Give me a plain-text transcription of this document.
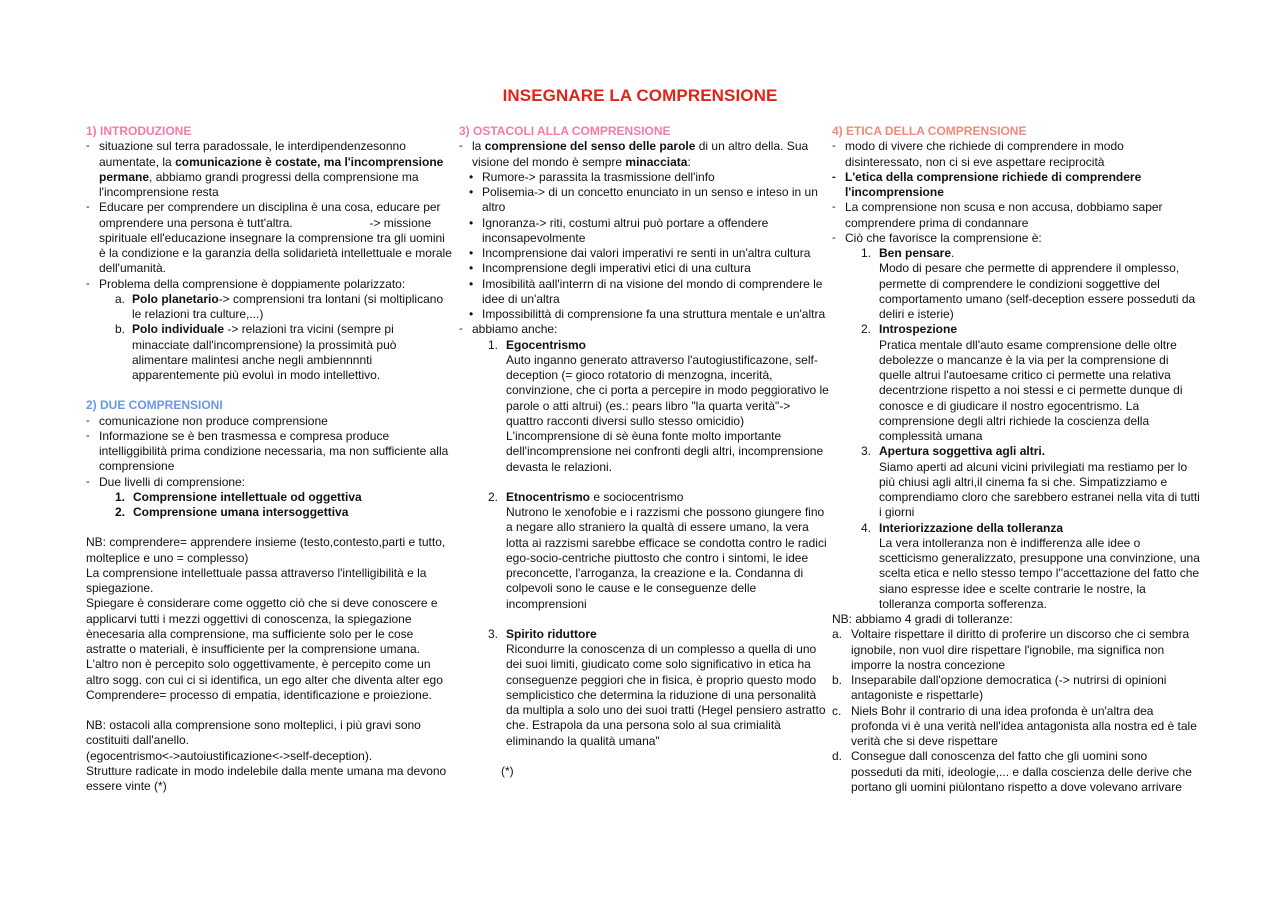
INSEGNARE LA COMPRENSIONE
1) INTRODUZIONE
- situazione sul terra paradossale, le interdipendenzesonno aumentate, la comunicazione è costate, ma l'incomprensione permane, abbiamo grandi progressi della comprensione ma l'incomprensione resta
- Educare per comprendere un disciplina è una cosa, educare per omprendere una persona è tutt'altra.                       -> missione spirituale ell'educazione insegnare la comprensione tra gli uomini è la condizione e la garanzia della solidarietà intellettuale e morale dell'umanità.
- Problema della comprensione è doppiamente polarizzato:
a. Polo planetario-> comprensioni tra lontani (si moltiplicano le relazioni tra culture,...)
b. Polo individuale -> relazioni tra vicini (sempre pi minacciate dall'incomprensione) la prossimità può alimentare malintesi anche negli ambiennnnti apparentemente più evoluì in modo intellettivo.
2) DUE COMPRENSIONI
- comunicazione non produce comprensione
- Informazione se è ben trasmessa e compresa produce intelliggibilità prima condizione necessaria, ma non sufficiente alla comprensione
- Due livelli di comprensione:
1. Comprensione intellettuale od oggettiva
2. Comprensione umana intersoggettiva
NB: comprendere= apprendere insieme (testo,contesto,parti e tutto, molteplice e uno = complesso)
La comprensione intellettuale passa attraverso l'intelligibilità e la spiegazione.
Spiegare è considerare come oggetto ciò che si deve conoscere e applicarvi tutti i mezzi oggettivi di conoscenza, la spiegazione ènecesaria alla comprensione, ma sufficiente solo per le cose astratte o materiali, è insufficiente per la comprensione umana.
L'altro non è percepito solo oggettivamente, è percepito come un altro sogg. con cui ci si identifica, un ego alter che diventa alter ego
Comprendere= processo di empatia, identificazione e proiezione.
NB: ostacoli alla comprensione sono molteplici, i più gravi sono costituiti dall'anello.
(egocentrismo<->autoiustificazione<->self-deception).
Strutture radicate in modo indelebile dalla mente umana ma devono essere vinte (*)
3) OSTACOLI ALLA COMPRENSIONE
- la comprensione del senso delle parole di un altro della. Sua visione del mondo è sempre minacciata:
• Rumore-> parassita la trasmissione dell'info
• Polisemia-> di un concetto enunciato in un senso e inteso in un altro
• Ignoranza-> riti, costumi altrui può portare a offendere inconsapevolmente
• Incomprensione dai valori imperativi re senti in un'altra cultura
• Incomprensione degli imperativi etici di una cultura
• Imosibilità aall'interrn di na visione del mondo di comprendere le idee di un'altra
• Impossibilittà di comprensione fa una struttura mentale e un'altra
- abbiamo anche:
1. Egocentrismo
Auto inganno generato attraverso l'autogiustificazone, self-deception (= gioco rotatorio di menzogna, incerità, convinzione, che ci porta a percepire in modo peggiorativo le parole o atti altrui) (es.: pears libro "la quarta verità"-> quattro racconti diversi sullo stesso omicidio)
L'incomprensione di sè èuna fonte molto importante dell'incomprensione nei confronti degli altri, incomprensione devasta le relazioni.
2. Etnocentrismo e sociocentrismo
Nutrono le xenofobie e i razzismi che possono giungere fino a negare allo straniero la qualtà di essere umano, la vera lotta ai razzismi sarebbe efficace se condotta contro le radici ego-socio-centriche piuttosto che contro i sintomi, le idee preconcette, l'arroganza, la creazione e la. Condanna di colpevoli sono le cause e le conseguenze delle incomprensioni
3. Spirito riduttore
Ricondurre la conoscenza di un complesso a quella di uno dei suoi limiti, giudicato come solo significativo in etica ha conseguenze peggiori che in fisica, è proprio questo modo semplicistico che determina la riduzione di una personalità da multipla a solo uno dei suoi tratti (Hegel pensiero astratto che. Estrapola da una persona solo al sua crimialità eliminando la qualità umana"
(*)
4) ETICA DELLA COMPRENSIONE
- modo di vivere che richiede di comprendere in modo disinteressato, non ci si eve aspettare reciprocità
- L'etica della comprensione richiede di comprendere l'incomprensione
- La comprensione non scusa e non accusa, dobbiamo saper comprendere prima di condannare
- Ciò che favorisce la comprensione è:
1. Ben pensare.
Modo di pesare che permette di apprendere il omplesso, permette di comprendere le condizioni soggettive del comportamento umano (self-deception essere posseduti da deliri e isterie)
2. Introspezione
Pratica mentale dll'auto esame comprensione delle oltre debolezze o mancanze è la via per la comprensione di quelle altrui l'autoesame critico ci permette una relativa decentrzione rispetto a noi stessi e ci permette dunque di conosce e di giudicare il nostro egocentrismo. La comprensione degli altri richiede la coscienza della complessità umana
3. Apertura soggettiva agli altri.
Siamo aperti ad alcuni vicini privilegiati ma restiamo per lo più chiusi agli altri,il cinema fa si che. Simpatizziamo e comprendiamo cloro che sarebbero estranei nella vita di tutti i giorni
4. Interiorizzazione della tolleranza
La vera intolleranza non è indifferenza alle idee o scetticismo generalizzato, presuppone una convinzione, una scelta etica e nello stesso tempo l''accettazione del fatto che siano espresse idee e scelte contrarie le nostre, la tolleranza comporta sofferenza.
NB: abbiamo 4 gradi di tolleranze:
a. Voltaire rispettare il diritto di proferire un discorso che ci sembra ignobile, non vuol dire rispettare l'ignobile, ma significa non imporre la nostra concezione
b. Inseparabile dall'opzione democratica (-> nutrirsi di opinioni antagoniste e rispettarle)
c. Niels Bohr il contrario di una idea profonda è un'altra dea profonda vi è una verità nell'idea antagonista alla nostra ed è tale verità che si deve rispettare
d. Consegue dall conoscenza del fatto che gli uomini sono posseduti da miti, ideologie,... e dalla coscienza delle derive che portano gli uomini piùlontano rispetto a dove volevano arrivare
